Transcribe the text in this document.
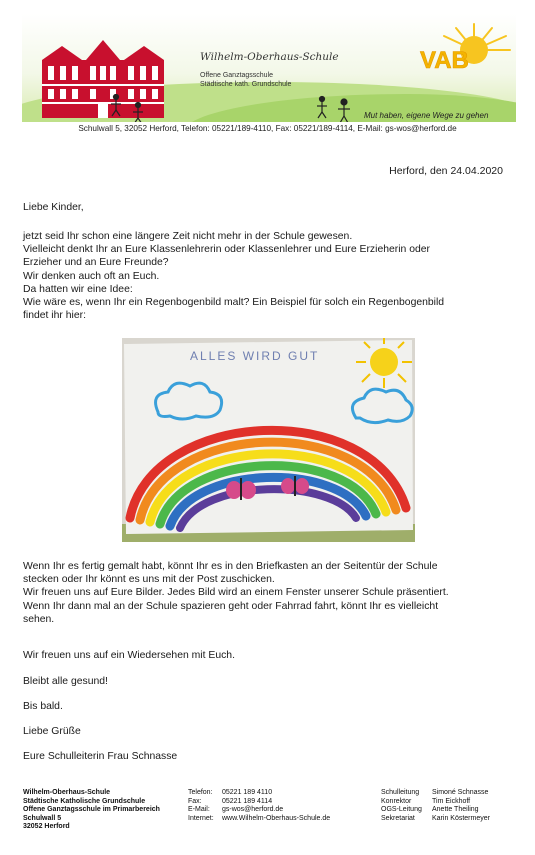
Wilhelm-Oberhaus-Schule
Offene Ganztagsschule
Städtische kath. Grundschule
VAB
Mut haben, eigene Wege zu gehen
Schulwall 5, 32052 Herford, Telefon: 05221/189-4110, Fax: 05221/189-4114, E-Mail: gs-wos@herford.de
Herford, den 24.04.2020

Liebe Kinder,

jetzt seid Ihr schon eine längere Zeit nicht mehr in der Schule gewesen.

Vielleicht denkt Ihr an Eure Klassenlehrerin oder Klassenlehrer und Eure Erzieherin oder

Erzieher und an Eure Freunde?

Wir denken auch oft an Euch.

Da hatten wir eine Idee:

Wie wäre es, wenn Ihr ein Regenbogenbild malt? Ein Beispiel für solch ein Regenbogenbild

findet ihr hier:

ALLES WIRD GUT

Wenn Ihr es fertig gemalt habt, könnt Ihr es in den Briefkasten an der Seitentür der Schule

stecken oder Ihr könnt es uns mit der Post zuschicken.

Wir freuen uns auf Eure Bilder. Jedes Bild wird an einem Fenster unserer Schule präsentiert.

Wenn Ihr dann mal an der Schule spazieren geht oder Fahrrad fahrt, könnt Ihr es vielleicht

sehen.

Wir freuen uns auf ein Wiedersehen mit Euch.

Bleibt alle gesund!

Bis bald.

Liebe Grüße

Eure Schulleiterin Frau Schnasse

Wilhelm-Oberhaus-Schule
Städtische Katholische Grundschule
Offene Ganztagsschule im Primarbereich
Schulwall 5
32052 Herford
Telefon:
Fax:
E-Mail:
Internet:
05221 189 4110
05221 189 4114
gs-wos@herford.de
www.Wilhelm-Oberhaus-Schule.de
Schulleitung
Konrektor
OGS-Leitung
Sekretariat
Simoné Schnasse
Tim Eickhoff
Anette Theiling
Karin Köstermeyer
